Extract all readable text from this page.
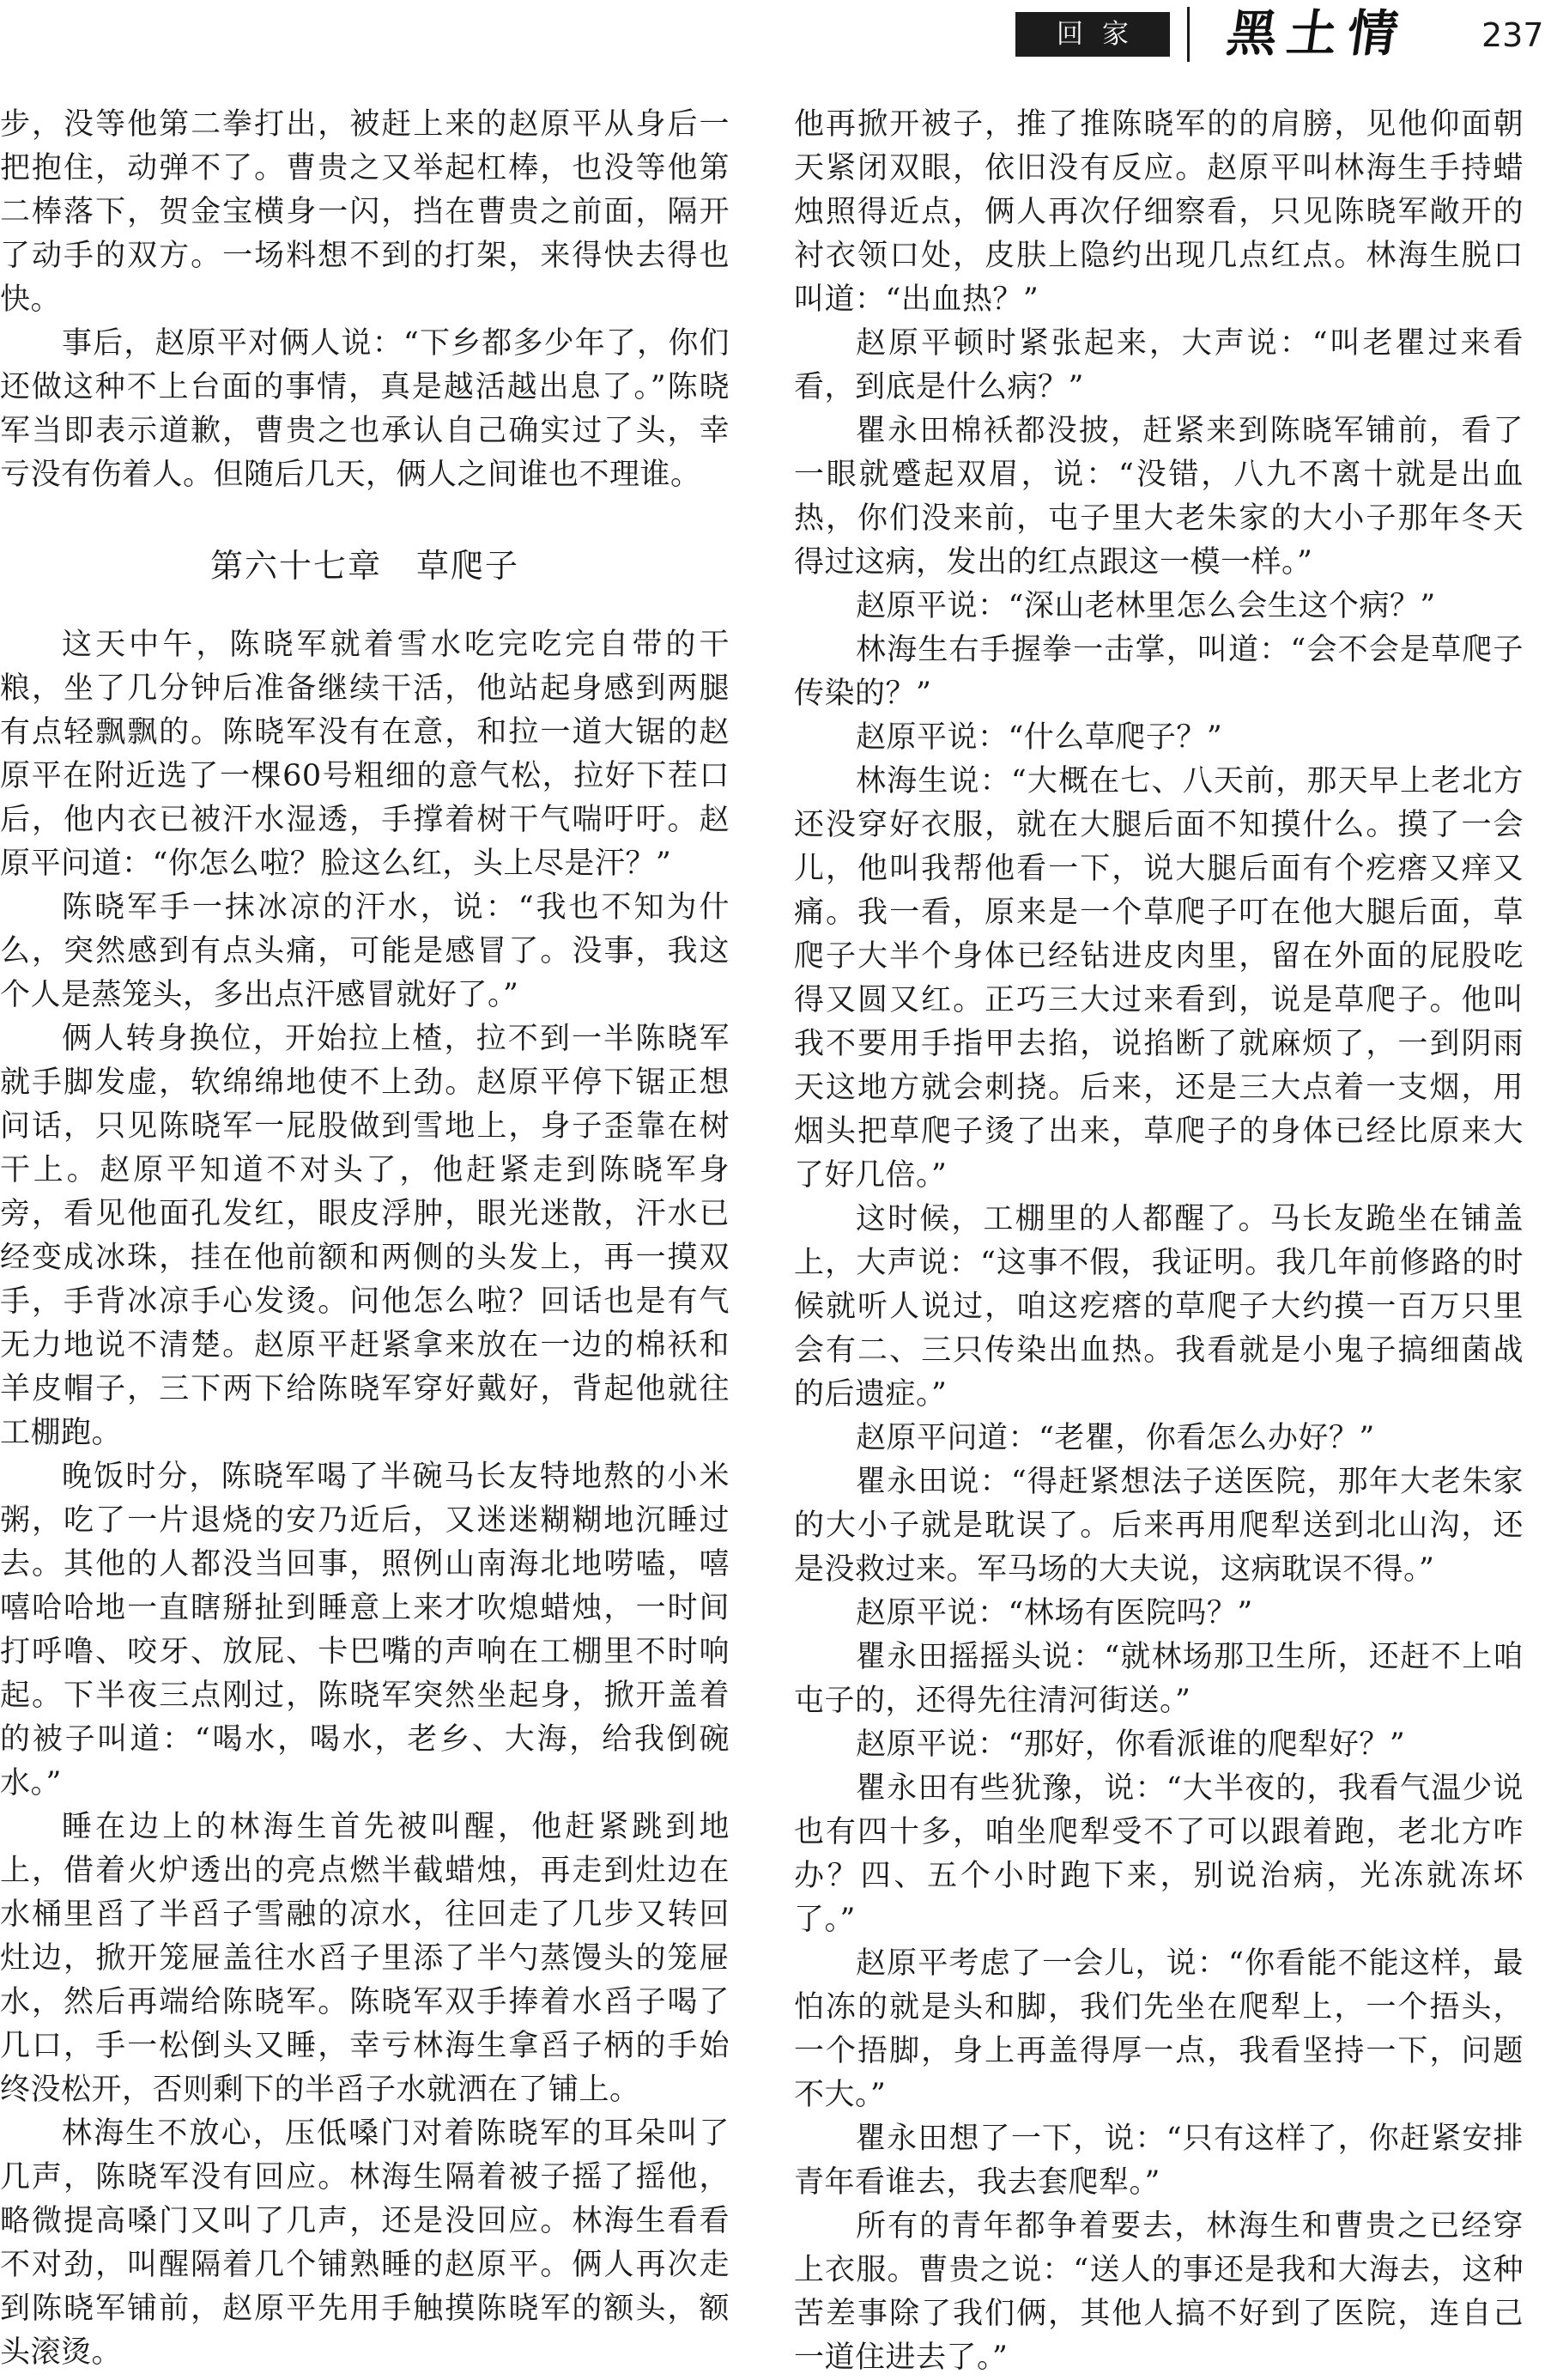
回家	黑土情 237

步，没等他第二拳打出，被赶上来的赵原平从身后一把抱住，动弹不了。曹贵之又举起杠棒，也没等他第二棒落下，贺金宝横身一闪，挡在曹贵之前面，隔开了动手的双方。一场料想不到的打架，来得快去得也快。

事后，赵原平对俩人说：“下乡都多少年了，你们还做这种不上台面的事情，真是越活越出息了。”陈晓军当即表示道歉，曹贵之也承认自己确实过了头，幸亏没有伤着人。但随后几天，俩人之间谁也不理谁。

第六十七章　草爬子

这天中午，陈晓军就着雪水吃完吃完自带的干粮，坐了几分钟后准备继续干活，他站起身感到两腿有点轻飘飘的。陈晓军没有在意，和拉一道大锯的赵原平在附近选了一棵60号粗细的意气松，拉好下茬口后，他内衣已被汗水湿透，手撑着树干气喘吁吁。赵原平问道：“你怎么啦？脸这么红，头上尽是汗？”

陈晓军手一抹冰凉的汗水，说：“我也不知为什么，突然感到有点头痛，可能是感冒了。没事，我这个人是蒸笼头，多出点汗感冒就好了。”

俩人转身换位，开始拉上楂，拉不到一半陈晓军就手脚发虚，软绵绵地使不上劲。赵原平停下锯正想问话，只见陈晓军一屁股做到雪地上，身子歪靠在树干上。赵原平知道不对头了，他赶紧走到陈晓军身旁，看见他面孔发红，眼皮浮肿，眼光迷散，汗水已经变成冰珠，挂在他前额和两侧的头发上，再一摸双手，手背冰凉手心发烫。问他怎么啦？回话也是有气无力地说不清楚。赵原平赶紧拿来放在一边的棉袄和羊皮帽子，三下两下给陈晓军穿好戴好，背起他就往工棚跑。

晚饭时分，陈晓军喝了半碗马长友特地熬的小米粥，吃了一片退烧的安乃近后，又迷迷糊糊地沉睡过去。其他的人都没当回事，照例山南海北地唠嗑，嘻嘻哈哈地一直瞎掰扯到睡意上来才吹熄蜡烛，一时间打呼噜、咬牙、放屁、卡巴嘴的声响在工棚里不时响起。下半夜三点刚过，陈晓军突然坐起身，掀开盖着的被子叫道：“喝水，喝水，老乡、大海，给我倒碗水。”

睡在边上的林海生首先被叫醒，他赶紧跳到地上，借着火炉透出的亮点燃半截蜡烛，再走到灶边在水桶里舀了半舀子雪融的凉水，往回走了几步又转回灶边，掀开笼屉盖往水舀子里添了半勺蒸馒头的笼屉水，然后再端给陈晓军。陈晓军双手捧着水舀子喝了几口，手一松倒头又睡，幸亏林海生拿舀子柄的手始终没松开，否则剩下的半舀子水就洒在了铺上。

林海生不放心，压低嗓门对着陈晓军的耳朵叫了几声，陈晓军没有回应。林海生隔着被子摇了摇他，略微提高嗓门又叫了几声，还是没回应。林海生看看不对劲，叫醒隔着几个铺熟睡的赵原平。俩人再次走到陈晓军铺前，赵原平先用手触摸陈晓军的额头，额头滚烫。

他再掀开被子，推了推陈晓军的的肩膀，见他仰面朝天紧闭双眼，依旧没有反应。赵原平叫林海生手持蜡烛照得近点，俩人再次仔细察看，只见陈晓军敞开的衬衣领口处，皮肤上隐约出现几点红点。林海生脱口叫道：“出血热？”

赵原平顿时紧张起来，大声说：“叫老瞿过来看看，到底是什么病？”

瞿永田棉袄都没披，赶紧来到陈晓军铺前，看了一眼就蹙起双眉，说：“没错，八九不离十就是出血热，你们没来前，屯子里大老朱家的大小子那年冬天得过这病，发出的红点跟这一模一样。”

赵原平说：“深山老林里怎么会生这个病？”

林海生右手握拳一击掌，叫道：“会不会是草爬子传染的？”

赵原平说：“什么草爬子？”

林海生说：“大概在七、八天前，那天早上老北方还没穿好衣服，就在大腿后面不知摸什么。摸了一会儿，他叫我帮他看一下，说大腿后面有个疙瘩又痒又痛。我一看，原来是一个草爬子叮在他大腿后面，草爬子大半个身体已经钻进皮肉里，留在外面的屁股吃得又圆又红。正巧三大过来看到，说是草爬子。他叫我不要用手指甲去掐，说掐断了就麻烦了，一到阴雨天这地方就会刺挠。后来，还是三大点着一支烟，用烟头把草爬子烫了出来，草爬子的身体已经比原来大了好几倍。”

这时候，工棚里的人都醒了。马长友跪坐在铺盖上，大声说：“这事不假，我证明。我几年前修路的时候就听人说过，咱这疙瘩的草爬子大约摸一百万只里会有二、三只传染出血热。我看就是小鬼子搞细菌战的后遗症。”

赵原平问道：“老瞿，你看怎么办好？”

瞿永田说：“得赶紧想法子送医院，那年大老朱家的大小子就是耽误了。后来再用爬犁送到北山沟，还是没救过来。军马场的大夫说，这病耽误不得。”

赵原平说：“林场有医院吗？”

瞿永田摇摇头说：“就林场那卫生所，还赶不上咱屯子的，还得先往清河街送。”

赵原平说：“那好，你看派谁的爬犁好？”

瞿永田有些犹豫，说：“大半夜的，我看气温少说也有四十多，咱坐爬犁受不了可以跟着跑，老北方咋办？四、五个小时跑下来，别说治病，光冻就冻坏了。”

赵原平考虑了一会儿，说：“你看能不能这样，最怕冻的就是头和脚，我们先坐在爬犁上，一个捂头，一个捂脚，身上再盖得厚一点，我看坚持一下，问题不大。”

瞿永田想了一下，说：“只有这样了，你赶紧安排青年看谁去，我去套爬犁。”

所有的青年都争着要去，林海生和曹贵之已经穿上衣服。曹贵之说：“送人的事还是我和大海去，这种苦差事除了我们俩，其他人搞不好到了医院，连自己一道住进去了。”
